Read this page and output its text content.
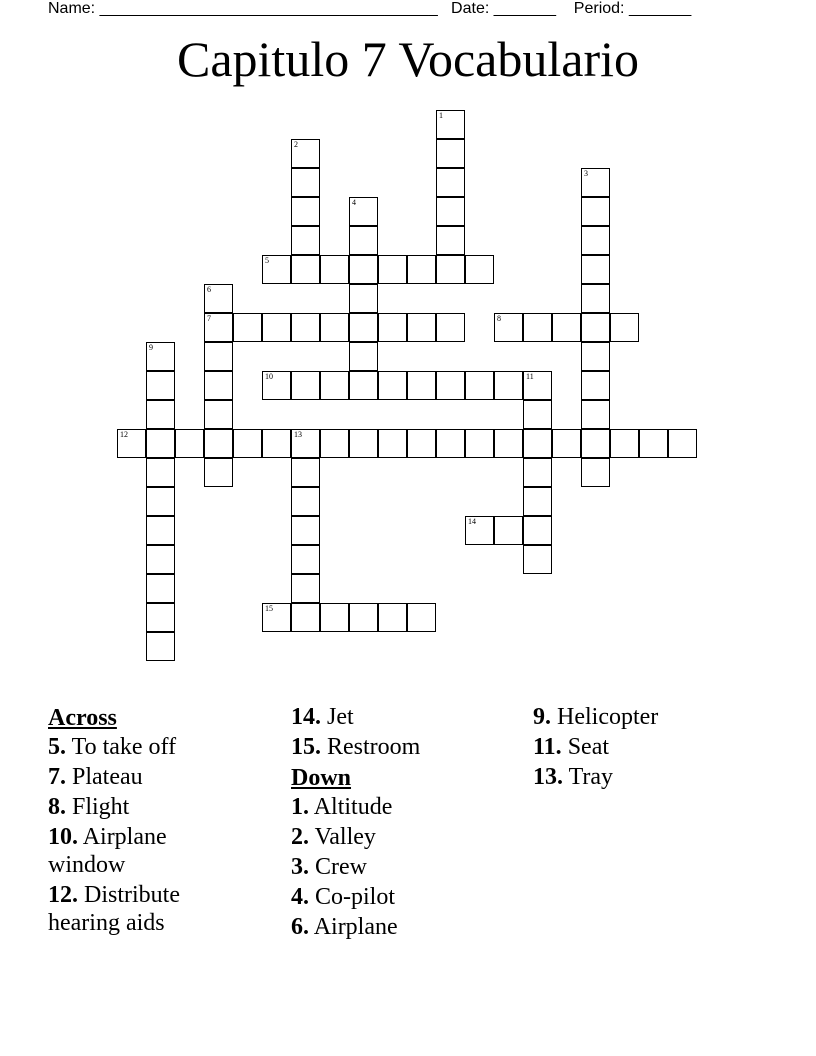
Name: ______________________________________   Date: _______    Period: _______
Capitulo 7 Vocabulario
1
2
3
4
5
6
7	8
9
10	11
12	13
14
15
Across
5. To take off
7. Plateau
8. Flight
10. Airplane window
12. Distribute hearing aids
14. Jet
15. Restroom
Down
1. Altitude
2. Valley
3. Crew
4. Co-pilot
6. Airplane
9. Helicopter
11. Seat
13. Tray
